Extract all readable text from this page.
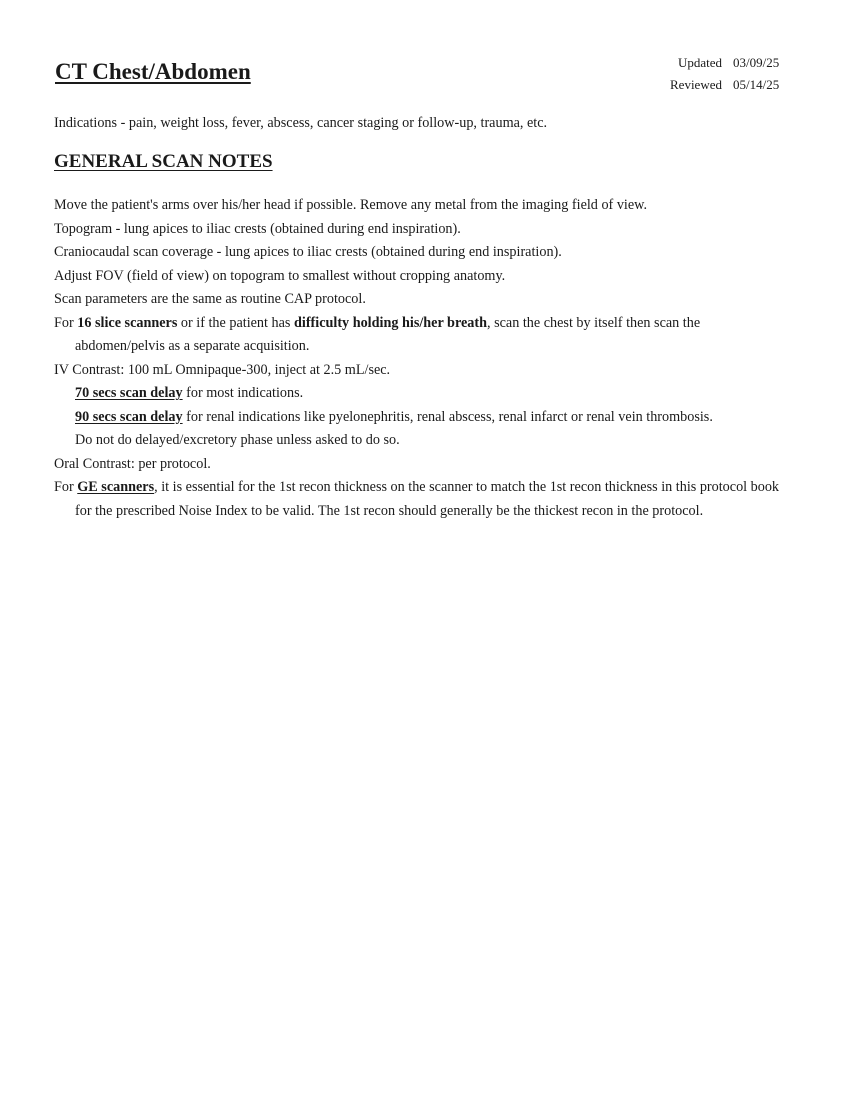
CT Chest/Abdomen	Updated	03/09/25
Reviewed	05/14/25

Indications - pain, weight loss, fever, abscess, cancer staging or follow-up, trauma, etc.

GENERAL SCAN NOTES
Move the patient's arms over his/her head if possible. Remove any metal from the imaging field of view.
Topogram - lung apices to iliac crests (obtained during end inspiration).
Craniocaudal scan coverage - lung apices to iliac crests (obtained during end inspiration).
Adjust FOV (field of view) on topogram to smallest without cropping anatomy.
Scan parameters are the same as routine CAP protocol.
For 16 slice scanners or if the patient has difficulty holding his/her breath, scan the chest by itself then scan the abdomen/pelvis as a separate acquisition.
IV Contrast: 100 mL Omnipaque-300, inject at 2.5 mL/sec.
70 secs scan delay for most indications.
90 secs scan delay for renal indications like pyelonephritis, renal abscess, renal infarct or renal vein thrombosis.
Do not do delayed/excretory phase unless asked to do so.
Oral Contrast: per protocol.
For GE scanners, it is essential for the 1st recon thickness on the scanner to match the 1st recon thickness in this protocol book for the prescribed Noise Index to be valid. The 1st recon should generally be the thickest recon in the protocol.
